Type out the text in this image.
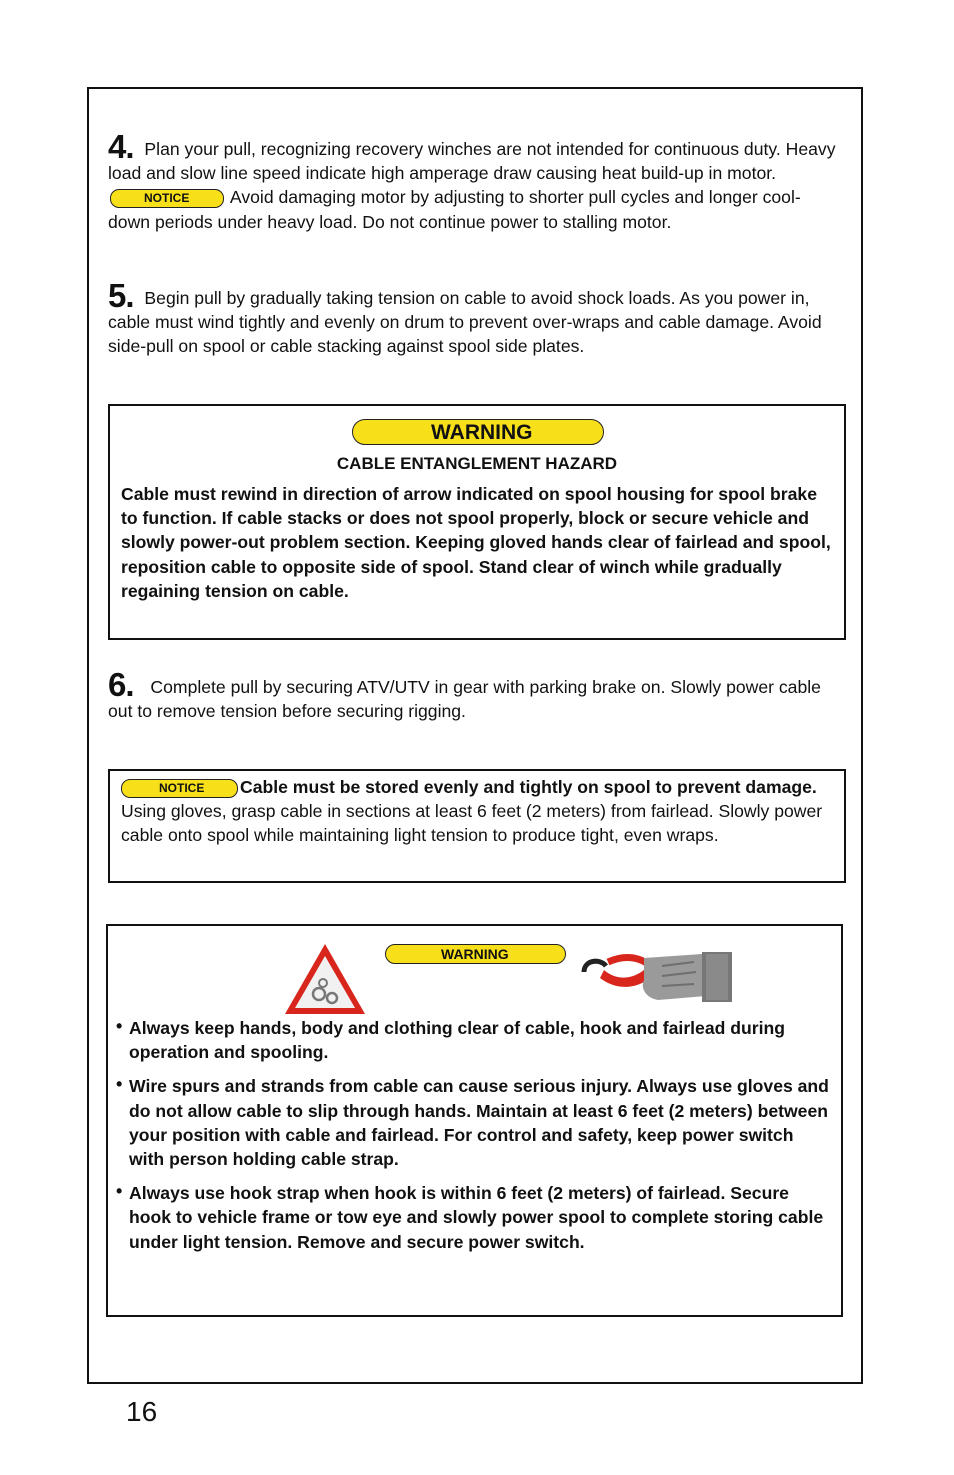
4. Plan your pull, recognizing recovery winches are not intended for continuous duty. Heavy load and slow line speed indicate high amperage draw causing heat build-up in motor.
NOTICE Avoid damaging motor by adjusting to shorter pull cycles and longer cool-down periods under heavy load. Do not continue power to stalling motor.
5. Begin pull by gradually taking tension on cable to avoid shock loads. As you power in, cable must wind tightly and evenly on drum to prevent over-wraps and cable damage. Avoid side-pull on spool or cable stacking against spool side plates.
WARNING
CABLE ENTANGLEMENT HAZARD
Cable must rewind in direction of arrow indicated on spool housing for spool brake to function. If cable stacks or does not spool properly, block or secure vehicle and slowly power-out problem section. Keeping gloved hands clear of fairlead and spool, reposition cable to opposite side of spool. Stand clear of winch while gradually regaining tension on cable.
6. Complete pull by securing ATV/UTV in gear with parking brake on. Slowly power cable out to remove tension before securing rigging.
NOTICE Cable must be stored evenly and tightly on spool to prevent damage. Using gloves, grasp cable in sections at least 6 feet (2 meters) from fairlead. Slowly power cable onto spool while maintaining light tension to produce tight, even wraps.
WARNING
• Always keep hands, body and clothing clear of cable, hook and fairlead during operation and spooling.
• Wire spurs and strands from cable can cause serious injury. Always use gloves and do not allow cable to slip through hands. Maintain at least 6 feet (2 meters) between your position with cable and fairlead. For control and safety, keep power switch with person holding cable strap.
• Always use hook strap when hook is within 6 feet (2 meters) of fairlead. Secure hook to vehicle frame or tow eye and slowly power spool to complete storing cable under light tension. Remove and secure power switch.
16
